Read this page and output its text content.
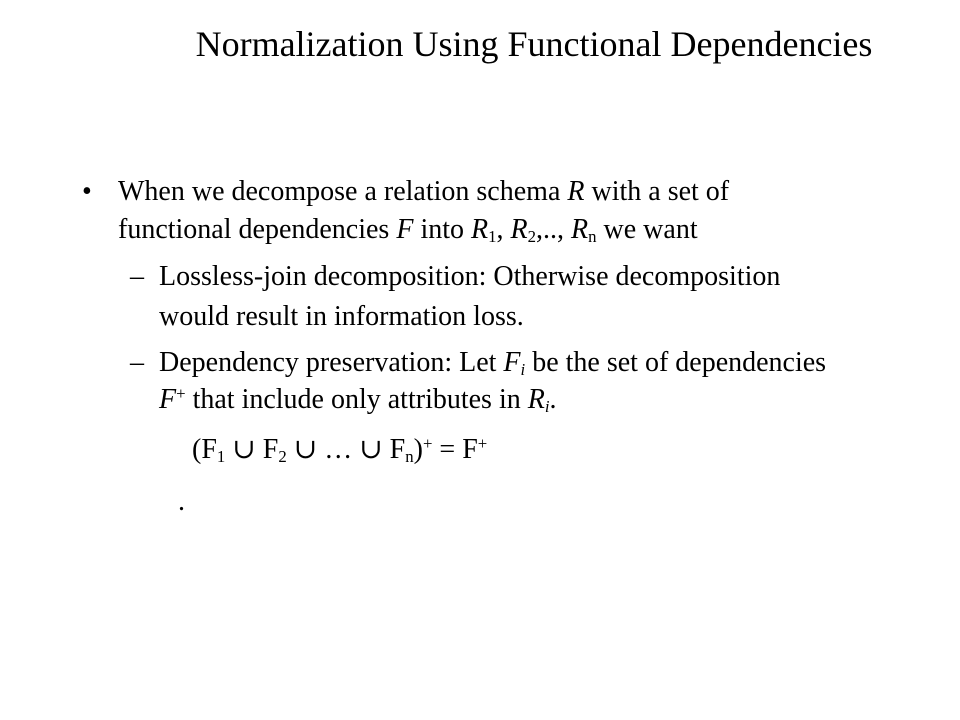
Normalization Using Functional Dependencies
• When we decompose a relation schema R with a set of
functional dependencies F into $R_1$, $R_2$,.., $R_n$ we want
– Lossless-join decomposition: Otherwise decomposition
would result in information loss.
– Dependency preservation: Let $F_i$ be the set of dependencies
F+ that include only attributes in $R_i$.
($F_1$ ∪ $F_2$ ∪ … ∪ $F_n)^+ = F^+$
.
